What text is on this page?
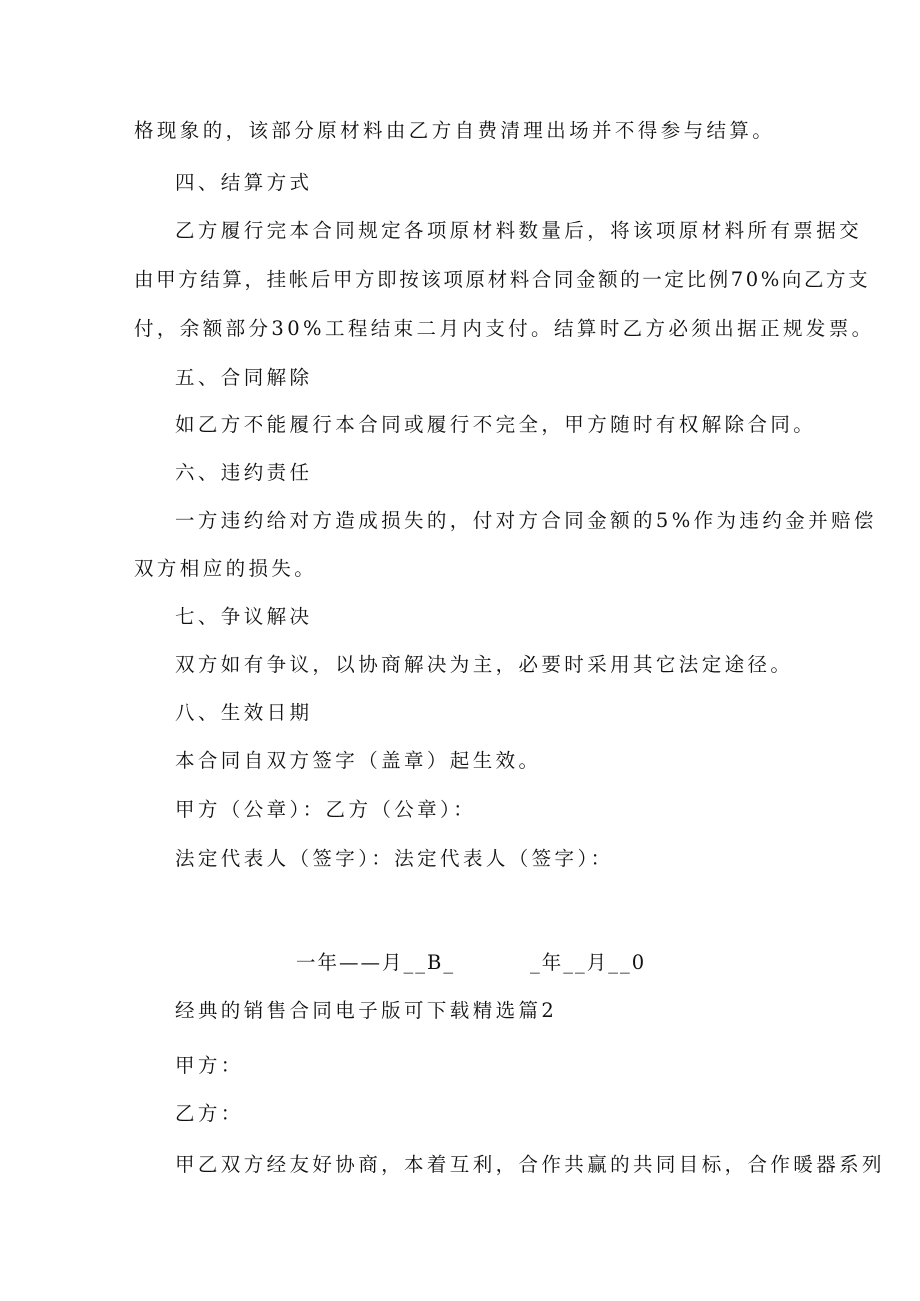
格现象的，该部分原材料由乙方自费清理出场并不得参与结算。

四、结算方式

乙方履行完本合同规定各项原材料数量后，将该项原材料所有票据交

由甲方结算，挂帐后甲方即按该项原材料合同金额的一定比例70%向乙方支

付，余额部分30%工程结束二月内支付。结算时乙方必须出据正规发票。

五、合同解除

如乙方不能履行本合同或履行不完全，甲方随时有权解除合同。

六、违约责任

一方违约给对方造成损失的，付对方合同金额的5%作为违约金并赔偿

双方相应的损失。

七、争议解决

双方如有争议，以协商解决为主，必要时采用其它法定途径。

八、生效日期

本合同自双方签字（盖章）起生效。

甲方（公章）：乙方（公章）：

法定代表人（签字）：法定代表人（签字）：

一年——月__B_	_年__月__0

经典的销售合同电子版可下载精选篇2

甲方：

乙方：

甲乙双方经友好协商，本着互利，合作共赢的共同目标，合作暖器系列
